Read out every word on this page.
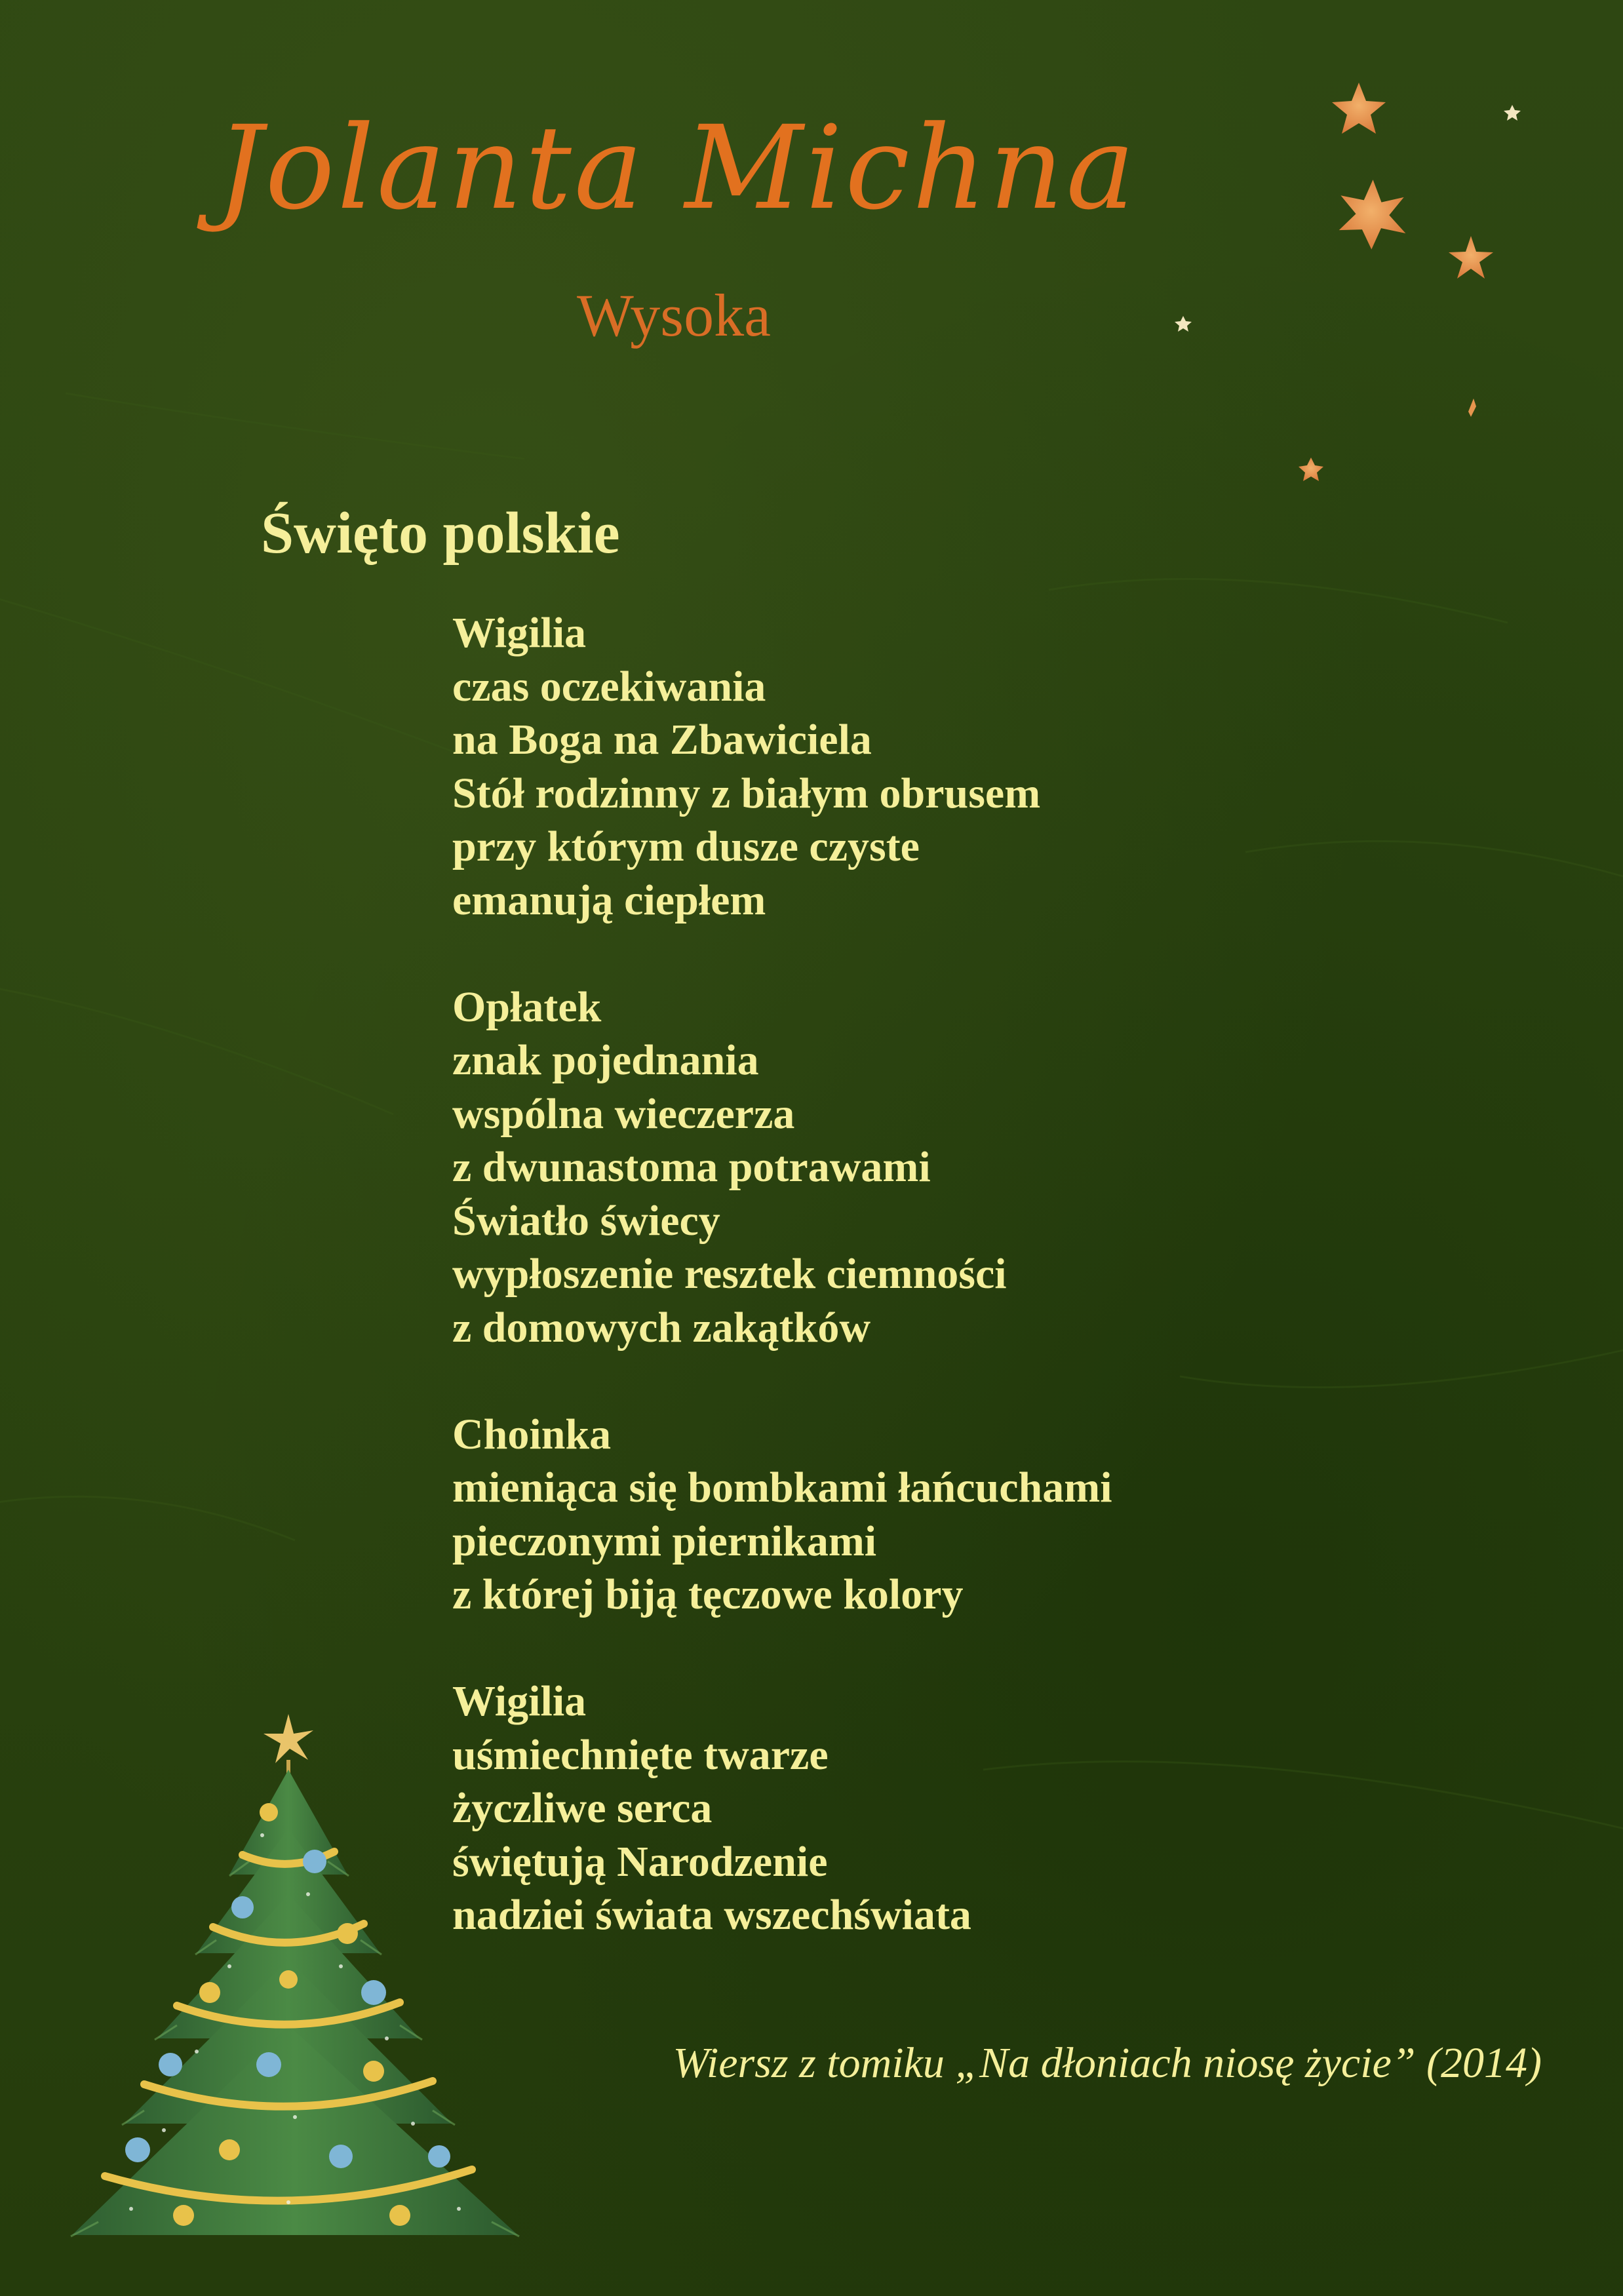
Jolanta Michna
Wysoka
Święto polskie
Wigilia
czas oczekiwania
na Boga na Zbawiciela
Stół rodzinny z białym obrusem
przy którym dusze czyste
emanują ciepłem
Opłatek
znak pojednania
wspólna wieczerza
z dwunastoma potrawami
Światło świecy
wypłoszenie resztek ciemności
z domowych zakątków
Choinka
mieniąca się bombkami łańcuchami
pieczonymi piernikami
z której biją tęczowe kolory
Wigilia
uśmiechnięte twarze
życzliwe serca
świętują Narodzenie
nadziei świata wszechświata
Wiersz z tomiku „Na dłoniach niosę życie” (2014)
